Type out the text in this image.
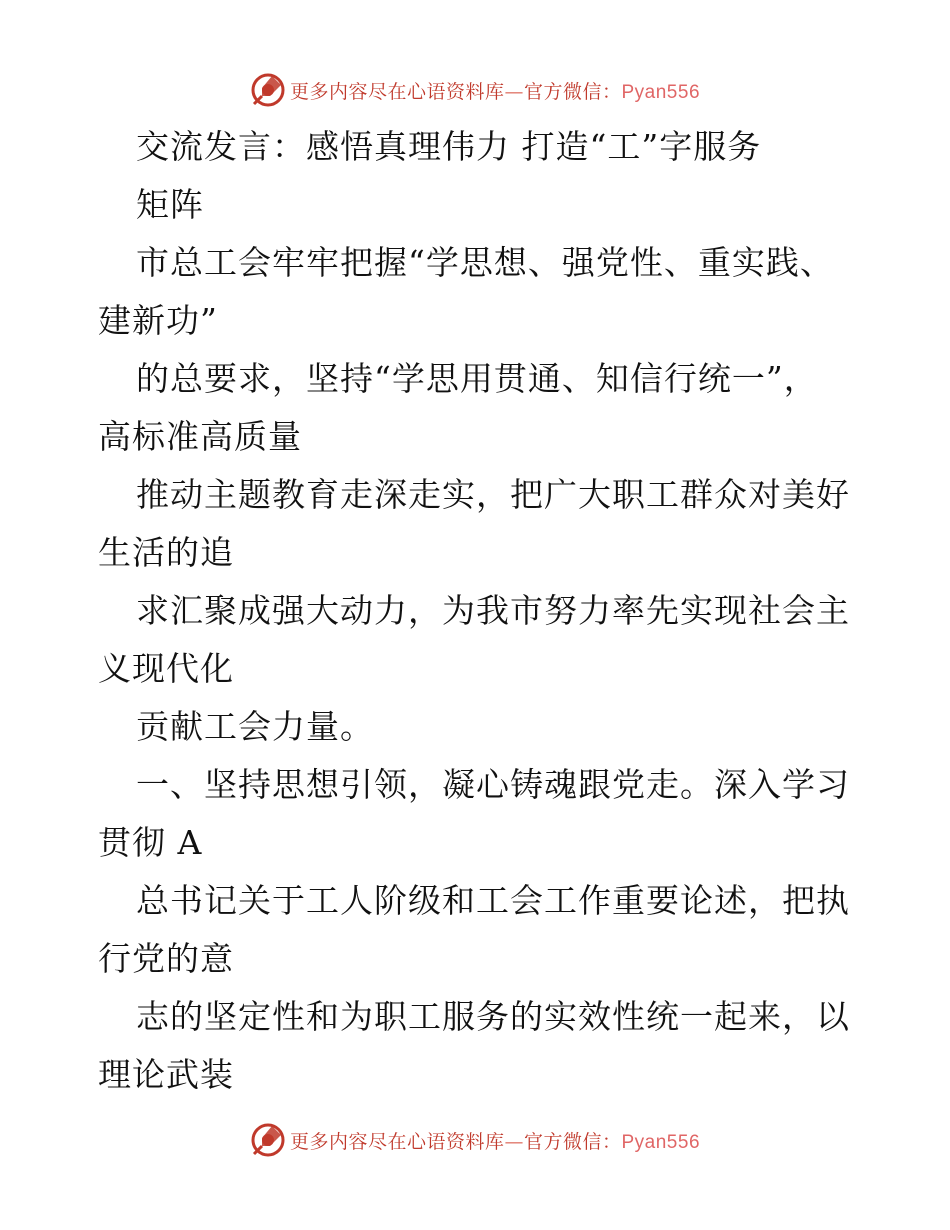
更多内容尽在心语资料库—官方微信：Pyan556
交流发言：感悟真理伟力 打造“工”字服务
矩阵
市总工会牢牢把握“学思想、强党性、重实践、
建新功”
的总要求，坚持“学思用贯通、知信行统一”，
高标准高质量
推动主题教育走深走实，把广大职工群众对美好
生活的追
求汇聚成强大动力，为我市努力率先实现社会主
义现代化
贡献工会力量。
一、坚持思想引领，凝心铸魂跟党走。深入学习
贯彻 A
总书记关于工人阶级和工会工作重要论述，把执
行党的意
志的坚定性和为职工服务的实效性统一起来，以
理论武装
更多内容尽在心语资料库—官方微信：Pyan556
